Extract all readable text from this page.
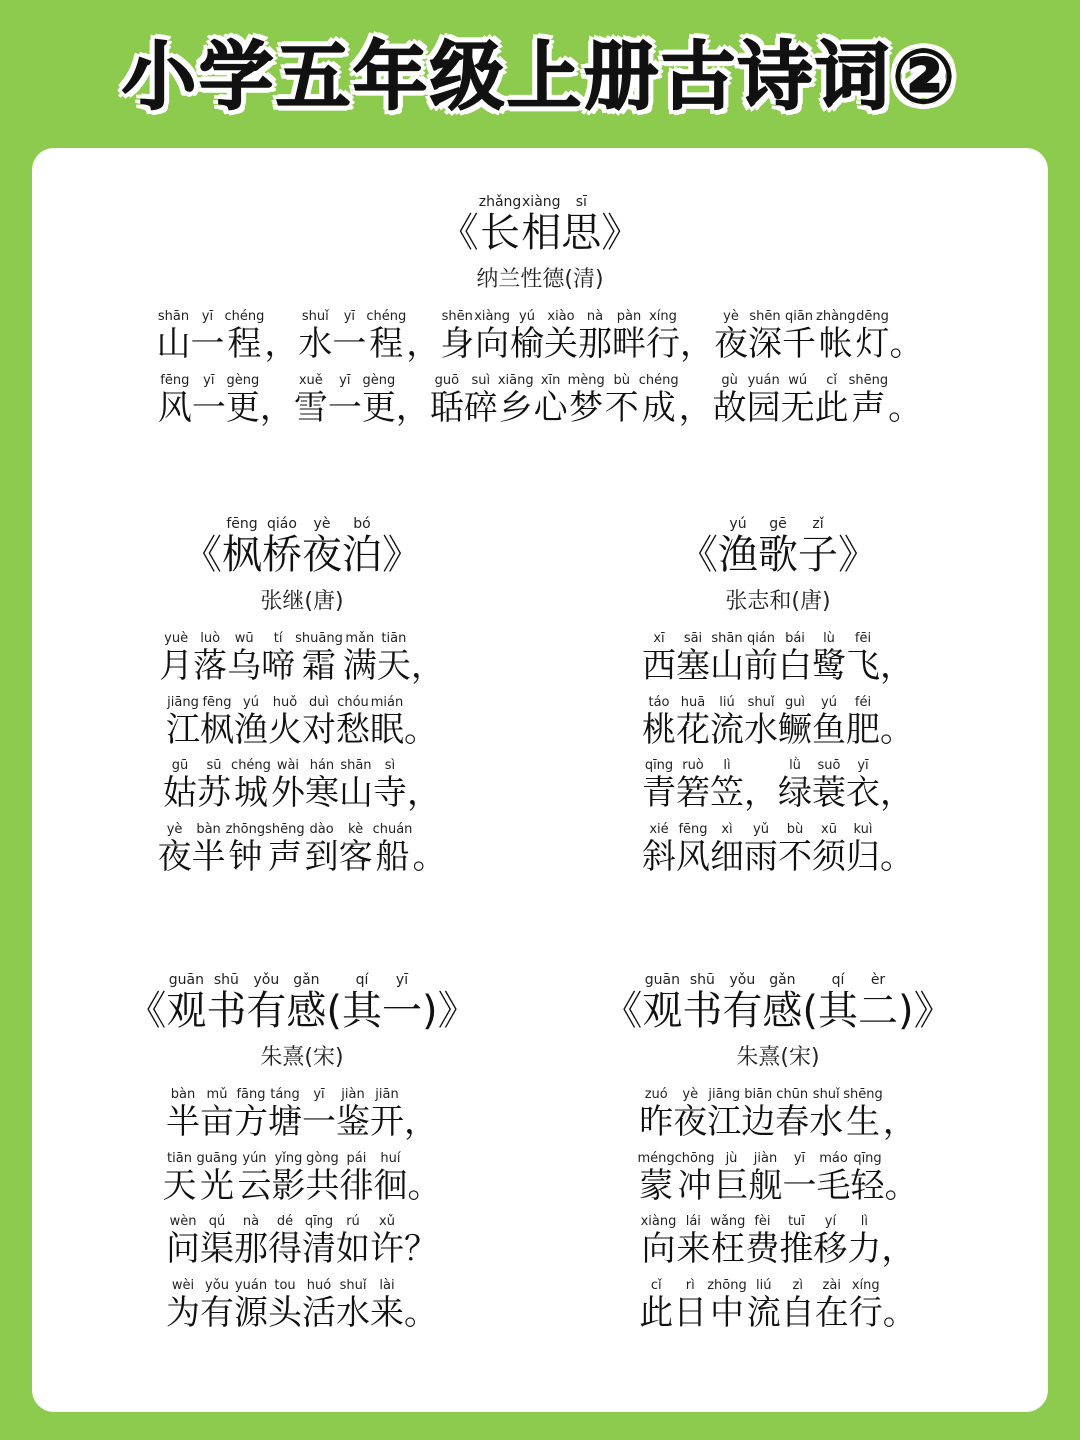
小学五年级上册古诗词②
《
zhǎng
长
xiàng
相
sī
思 》
纳兰性德(清)
shān
山
yī
一
chéng
程 ，
shuǐ
水
yī
一
chéng
程 ，
shēn
身
xiàng
向
yú
榆
xiào
关
nà
那
pàn
畔
xíng
行 ，
yè
夜
shēn
深
qiān
千
zhàng
帐
dēng
灯 。
fēng
风
yī
一
gèng
更 ，
xuě
雪
yī
一
gèng
更 ，
guō
聒
suì
碎
xiāng
乡
xīn
心
mèng
梦
bù
不
chéng
成 ，
gù
故
yuán
园
wú
无
cǐ
此
shēng
声 。
《
fēng
枫
qiáo
桥
yè
夜
bó
泊 》
张继(唐)
yuè
月
luò
落
wū
乌
tí
啼
shuāng
霜
mǎn
满
tiān
天 ，
jiāng
江
fēng
枫
yú
渔
huǒ
火
duì
对
chóu
愁
mián
眠 。
gū
姑
sū
苏
chéng
城
wài
外
hán
寒
shān
山
sì
寺 ，
yè
夜
bàn
半
zhōng
钟
shēng
声
dào
到
kè
客
chuán
船 。
《
yú
渔
gē
歌
zǐ
子 》
张志和(唐)
xī
西
sāi
塞
shān
山
qián
前
bái
白
lù
鹭
fēi
飞 ，
táo
桃
huā
花
liú
流
shuǐ
水
guì
鳜
yú
鱼
féi
肥 。
qīng
青
ruò
箬
lì
笠 ，
lǜ
绿
suō
蓑
yī
衣 ，
xié
斜
fēng
风
xì
细
yǔ
雨
bù
不
xū
须
kuì
归 。
《
guān
观
shū
书
yǒu
有
gǎn
感 (
qí
其
yī
一 ) 》
朱熹(宋)
bàn
半
mǔ
亩
fāng
方
táng
塘
yī
一
jiàn
鉴
jiān
开 ，
tiān
天
guāng
光
yún
云
yǐng
影
gòng
共
pái
徘
huí
徊 。
wèn
问
qú
渠
nà
那
dé
得
qīng
清
rú
如
xǔ
许 ？
wèi
为
yǒu
有
yuán
源
tou
头
huó
活
shuǐ
水
lài
来 。
《
guān
观
shū
书
yǒu
有
gǎn
感 (
qí
其
èr
二 ) 》
朱熹(宋)
zuó
昨
yè
夜
jiāng
江
biān
边
chūn
春
shuǐ
水
shēng
生 ，
méng
蒙
chōng
冲
jù
巨
jiàn
舰
yī
一
máo
毛
qīng
轻 。
xiàng
向
lái
来
wǎng
枉
fèi
费
tuī
推
yí
移
lì
力 ，
cǐ
此
rì
日
zhōng
中
liú
流
zì
自
zài
在
xíng
行 。
